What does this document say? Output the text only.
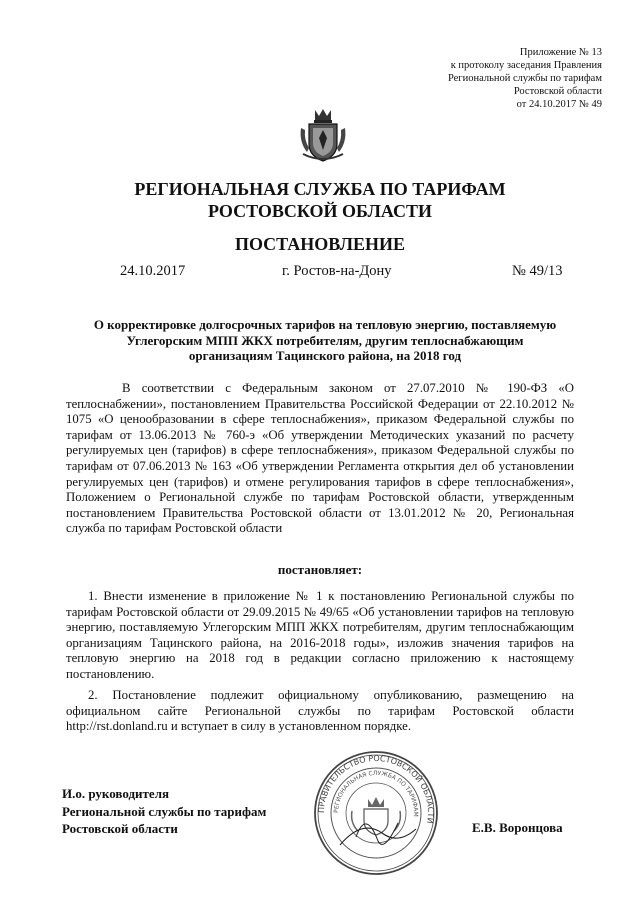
Приложение № 13
к протоколу заседания Правления
Региональной службы по тарифам
Ростовской области
от 24.10.2017 № 49
РЕГИОНАЛЬНАЯ СЛУЖБА ПО ТАРИФАМ
РОСТОВСКОЙ ОБЛАСТИ
ПОСТАНОВЛЕНИЕ
24.10.2017	г. Ростов-на-Дону	№ 49/13
О корректировке долгосрочных тарифов на тепловую энергию, поставляемую Углегорским МПП ЖКХ потребителям, другим теплоснабжающим организациям Тацинского района, на 2018 год
В соответствии с Федеральным законом от 27.07.2010 № 190-ФЗ «О теплоснабжении», постановлением Правительства Российской Федерации от 22.10.2012 № 1075 «О ценообразовании в сфере теплоснабжения», приказом Федеральной службы по тарифам от 13.06.2013 № 760-э «Об утверждении Методических указаний по расчету регулируемых цен (тарифов) в сфере теплоснабжения», приказом Федеральной службы по тарифам от 07.06.2013 № 163 «Об утверждении Регламента открытия дел об установлении регулируемых цен (тарифов) и отмене регулирования тарифов в сфере теплоснабжения», Положением о Региональной службе по тарифам Ростовской области, утвержденным постановлением Правительства Ростовской области от 13.01.2012 № 20, Региональная служба по тарифам Ростовской области
постановляет:
1. Внести изменение в приложение № 1 к постановлению Региональной службы по тарифам Ростовской области от 29.09.2015 № 49/65 «Об установлении тарифов на тепловую энергию, поставляемую Углегорским МПП ЖКХ потребителям, другим теплоснабжающим организациям Тацинского района, на 2016-2018 годы», изложив значения тарифов на тепловую энергию на 2018 год в редакции согласно приложению к настоящему постановлению.
2. Постановление подлежит официальному опубликованию, размещению на официальном сайте Региональной службы по тарифам Ростовской области http://rst.donland.ru и вступает в силу в установленном порядке.
И.о. руководителя
Региональной службы по тарифам
Ростовской области
ПРАВИТЕЛЬСТВО РОСТОВСКОЙ ОБЛАСТИ
РЕГИОНАЛЬНАЯ СЛУЖБА ПО ТАРИФАМ
Е.В. Воронцова
